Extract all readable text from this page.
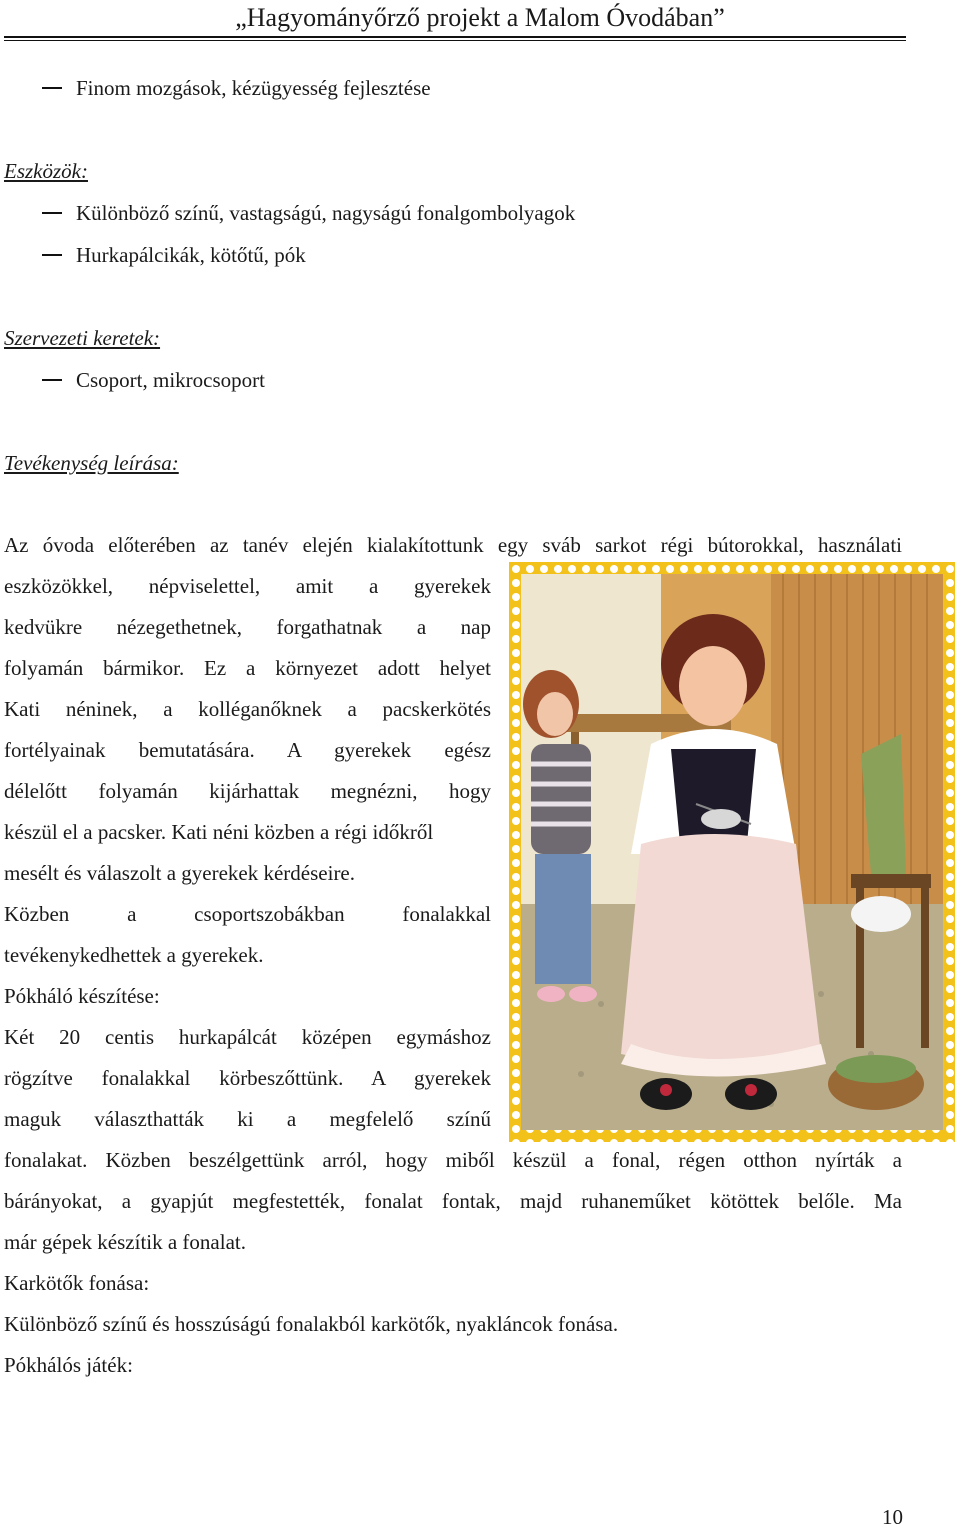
„Hagyományőrző projekt a Malom Óvodában”
Finom mozgások, kézügyesség fejlesztése
Eszközök:
Különböző színű, vastagságú, nagyságú fonalgombolyagok
Hurkapálcikák, kötőtű, pók
Szervezeti keretek:
Csoport, mikrocsoport
Tevékenység leírása:
Az óvoda előterében az tanév elején kialakítottunk egy sváb sarkot régi bútorokkal, használati
eszközökkel, népviselettel, amit a gyerekek
kedvükre nézegethetnek, forgathatnak a nap
folyamán bármikor. Ez a környezet adott helyet
Kati néninek, a kolléganőknek a pacskerkötés
fortélyainak bemutatására. A gyerekek egész
délelőtt folyamán kijárhattak megnézni, hogy
készül el a pacsker. Kati néni közben a régi időkről
mesélt és válaszolt a gyerekek kérdéseire.
Közben a csoportszobákban fonalakkal
tevékenykedhettek a gyerekek.
Pókháló készítése:
Két 20 centis hurkapálcát középen egymáshoz
rögzítve fonalakkal körbeszőttünk. A gyerekek
maguk választhatták ki a megfelelő színű
fonalakat. Közben beszélgettünk arról, hogy miből készül a fonal, régen otthon nyírták a
bárányokat, a gyapjút megfestették, fonalat fontak, majd ruhaneműket kötöttek belőle. Ma
már gépek készítik a fonalat.
Karkötők fonása:
Különböző színű és hosszúságú fonalakból karkötők, nyakláncok fonása.
Pókhálós játék:
10
